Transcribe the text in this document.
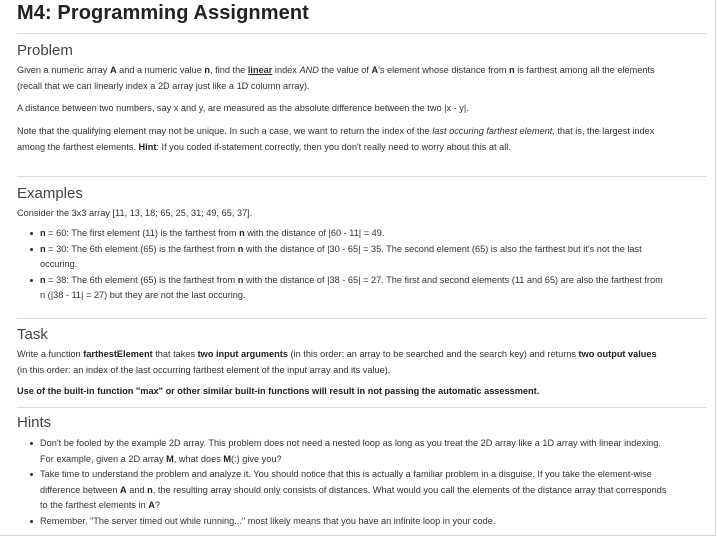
M4: Programming Assignment
Problem

Given a numeric array A and a numeric value n, find the linear index AND the value of A's element whose distance from n is farthest among all the elements (recall that we can linearly index a 2D array just like a 1D column array).

A distance between two numbers, say x and y, are measured as the absolute difference between the two |x - y|.

Note that the qualifying element may not be unique. In such a case, we want to return the index of the last occuring farthest element, that is, the largest index among the farthest elements. Hint: If you coded if-statement correctly, then you don't really need to worry about this at all.

Examples

Consider the 3x3 array [11, 13, 18; 65, 25, 31; 49, 65, 37].

n = 60: The first element (11) is the farthest from n with the distance of |60 - 11| = 49.
n = 30: The 6th element (65) is the farthest from n with the distance of |30 - 65| = 35. The second element (65) is also the farthest but it's not the last occuring.
n = 38: The 6th element (65) is the farthest from n with the distance of |38 - 65| = 27. The first and second elements (11 and 65) are also the farthest from n (|38 - 11| = 27) but they are not the last occuring.
Task

Write a function farthestElement that takes two input arguments (in this order: an array to be searched and the search key) and returns two output values (in this order: an index of the last occurring farthest element of the input array and its value).

Use of the built-in function "max" or other similar built-in functions will result in not passing the automatic assessment.

Hints
Don't be fooled by the example 2D array. This problem does not need a nested loop as long as you treat the 2D array like a 1D array with linear indexing. For example, given a 2D array M, what does M(:) give you?
Take time to understand the problem and analyze it. You should notice that this is actually a familiar problem in a disguise. If you take the element-wise difference between A and n, the resulting array should only consists of distances. What would you call the elements of the distance array that corresponds to the farthest elements in A?
Remember, "The server timed out while running..." most likely means that you have an infinite loop in your code.
